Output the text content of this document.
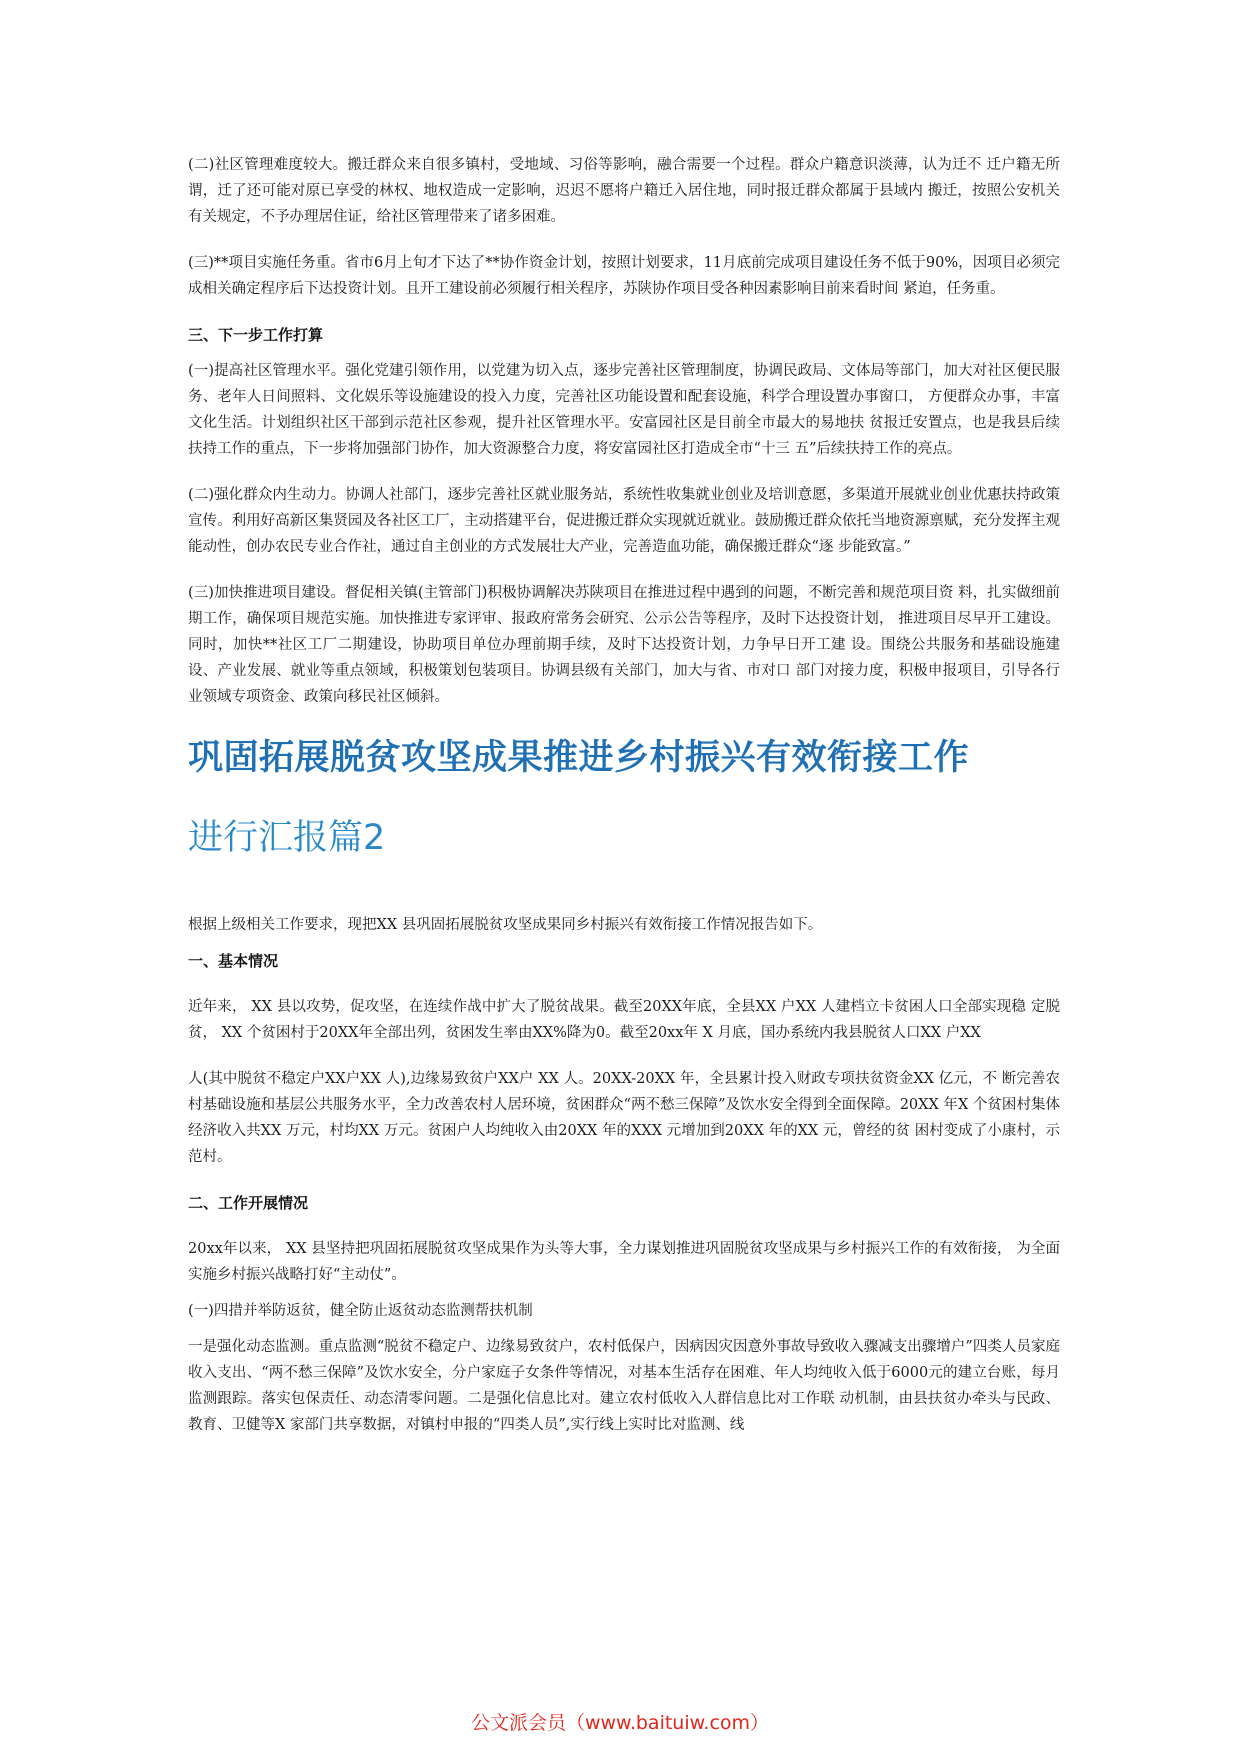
(二)社区管理难度较大。搬迁群众来自很多镇村，受地域、习俗等影响，融合需要一个过程。群众户籍意识淡薄，认为迁不 迁户籍无所谓，迁了还可能对原已享受的林权、地权造成一定影响，迟迟不愿将户籍迁入居住地，同时报迁群众都属于县域内 搬迁，按照公安机关有关规定，不予办理居住证，给社区管理带来了诸多困难。

(三)**项目实施任务重。省市6月上旬才下达了**协作资金计划，按照计划要求，11月底前完成项目建设任务不低于90%，因项目必须完成相关确定程序后下达投资计划。且开工建设前必须履行相关程序，苏陕协作项目受各种因素影响目前来看时间 紧迫，任务重。

三、下一步工作打算

(一)提高社区管理水平。强化党建引领作用，以党建为切入点，逐步完善社区管理制度，协调民政局、文体局等部门，加大对社区便民服务、老年人日间照料、文化娱乐等设施建设的投入力度，完善社区功能设置和配套设施，科学合理设置办事窗口， 方便群众办事，丰富文化生活。计划组织社区干部到示范社区参观，提升社区管理水平。安富园社区是目前全市最大的易地扶 贫报迁安置点，也是我县后续扶持工作的重点，下一步将加强部门协作，加大资源整合力度，将安富园社区打造成全市“十三 五”后续扶持工作的亮点。

(二)强化群众内生动力。协调人社部门，逐步完善社区就业服务站，系统性收集就业创业及培训意愿，多渠道开展就业创业优惠扶持政策宣传。利用好高新区集贤园及各社区工厂，主动搭建平台，促进搬迁群众实现就近就业。鼓励搬迁群众依托当地资源禀赋，充分发挥主观能动性，创办农民专业合作社，通过自主创业的方式发展壮大产业，完善造血功能，确保搬迁群众“逐 步能致富。”

(三)加快推进项目建设。督促相关镇(主管部门)积极协调解决苏陕项目在推进过程中遇到的问题，不断完善和规范项目资 料，扎实做细前期工作，确保项目规范实施。加快推进专家评审、报政府常务会研究、公示公告等程序，及时下达投资计划， 推进项目尽早开工建设。同时，加快**社区工厂二期建设，协助项目单位办理前期手续，及时下达投资计划，力争早日开工建 设。围绕公共服务和基础设施建设、产业发展、就业等重点领域，积极策划包装项目。协调县级有关部门，加大与省、市对口 部门对接力度，积极申报项目，引导各行业领域专项资金、政策向移民社区倾斜。

巩固拓展脱贫攻坚成果推进乡村振兴有效衔接工作
进行汇报篇2

根据上级相关工作要求，现把XX 县巩固拓展脱贫攻坚成果同乡村振兴有效衔接工作情况报告如下。

一、基本情况

近年来， XX 县以攻势，促攻坚，在连续作战中扩大了脱贫战果。截至20XX年底，全县XX 户XX 人建档立卡贫困人口全部实现稳 定脱贫， XX 个贫困村于20XX年全部出列，贫困发生率由XX%降为0。截至20xx年 X 月底，国办系统内我县脱贫人口XX 户XX

人(其中脱贫不稳定户XX户XX 人),边缘易致贫户XX户 XX 人。20XX-20XX 年，全县累计投入财政专项扶贫资金XX 亿元，不 断完善农村基础设施和基层公共服务水平，全力改善农村人居环境，贫困群众“两不愁三保障”及饮水安全得到全面保障。20XX 年X 个贫困村集体经济收入共XX 万元，村均XX 万元。贫困户人均纯收入由20XX 年的XXX 元增加到20XX 年的XX 元，曾经的贫 困村变成了小康村，示范村。

二、工作开展情况

20xx年以来， XX 县坚持把巩固拓展脱贫攻坚成果作为头等大事，全力谋划推进巩固脱贫攻坚成果与乡村振兴工作的有效衔接， 为全面实施乡村振兴战略打好“主动仗”。

(一)四措并举防返贫，健全防止返贫动态监测帮扶机制

一是强化动态监测。重点监测“脱贫不稳定户、边缘易致贫户，农村低保户，因病因灾因意外事故导致收入骤减支出骤增户”四类人员家庭收入支出、“两不愁三保障”及饮水安全，分户家庭子女条件等情况，对基本生活存在困难、年人均纯收入低于6000元的建立台账，每月监测跟踪。落实包保责任、动态清零问题。二是强化信息比对。建立农村低收入人群信息比对工作联 动机制，由县扶贫办牵头与民政、教育、卫健等X 家部门共享数据，对镇村申报的“四类人员”,实行线上实时比对监测、线

公文派会员（www.baituiw.com）
